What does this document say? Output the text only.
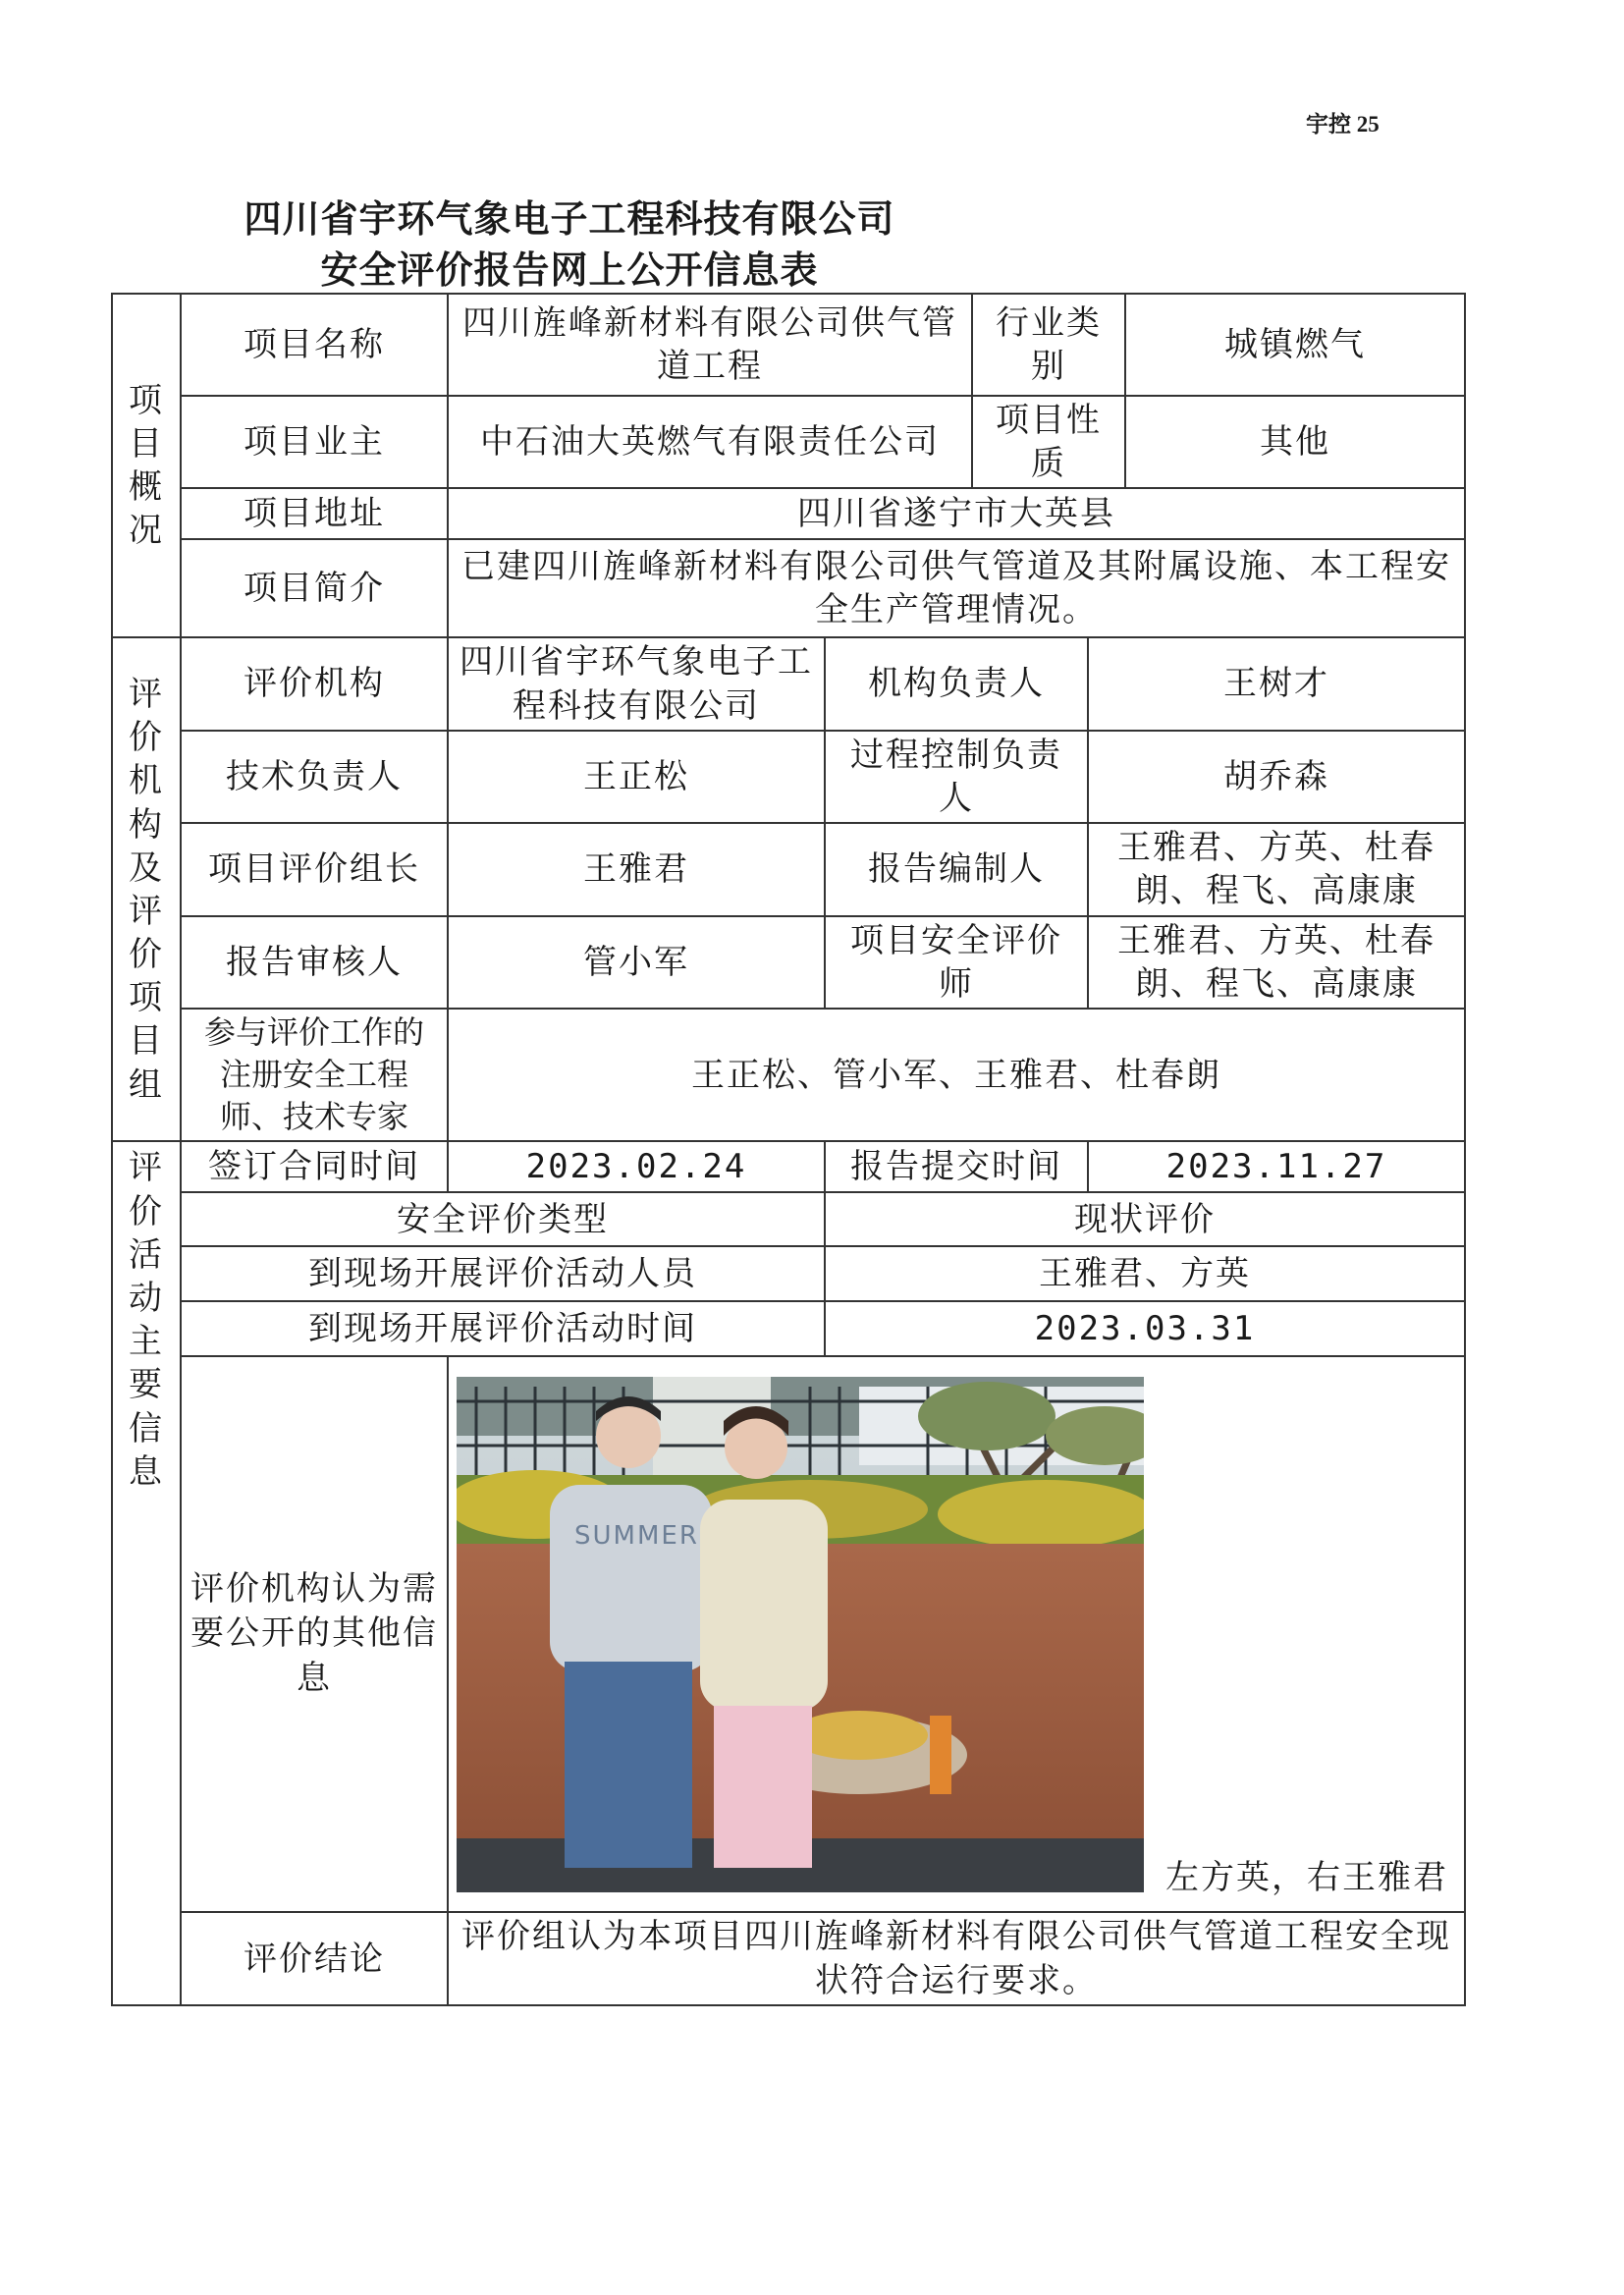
宇控 25
四川省宇环气象电子工程科技有限公司
安全评价报告网上公开信息表
项目概况	项目名称	四川旌峰新材料有限公司供气管道工程		行业类别		城镇燃气
	项目业主	中石油大英燃气有限责任公司		项目性质		其他
	项目地址	四川省遂宁市大英县				
	项目简介	已建四川旌峰新材料有限公司供气管道及其附属设施、本工程安全生产管理情况。				

评价机构及评价项目组	评价机构	四川省宇环气象电子工程科技有限公司	机构负责人		王树才	
	技术负责人	王正松	过程控制负责人		胡乔森	
	项目评价组长	王雅君	报告编制人		王雅君、方英、杜春朗、程飞、高康康	
	报告审核人	管小军	项目安全评价师		王雅君、方英、杜春朗、程飞、高康康	
	参与评价工作的注册安全工程师、技术专家	王正松、管小军、王雅君、杜春朗				

评价活动主要信息	签订合同时间	2023.02.24	报告提交时间		2023.11.27	
	安全评价类型		现状评价			
	到现场开展评价活动人员		王雅君、方英			
	到现场开展评价活动时间		2023.03.31			
	评价机构认为需要公开的其他信息	SUMMER
左方英，右王雅君				

	评价结论	评价组认为本项目四川旌峰新材料有限公司供气管道工程安全现状符合运行要求。				
